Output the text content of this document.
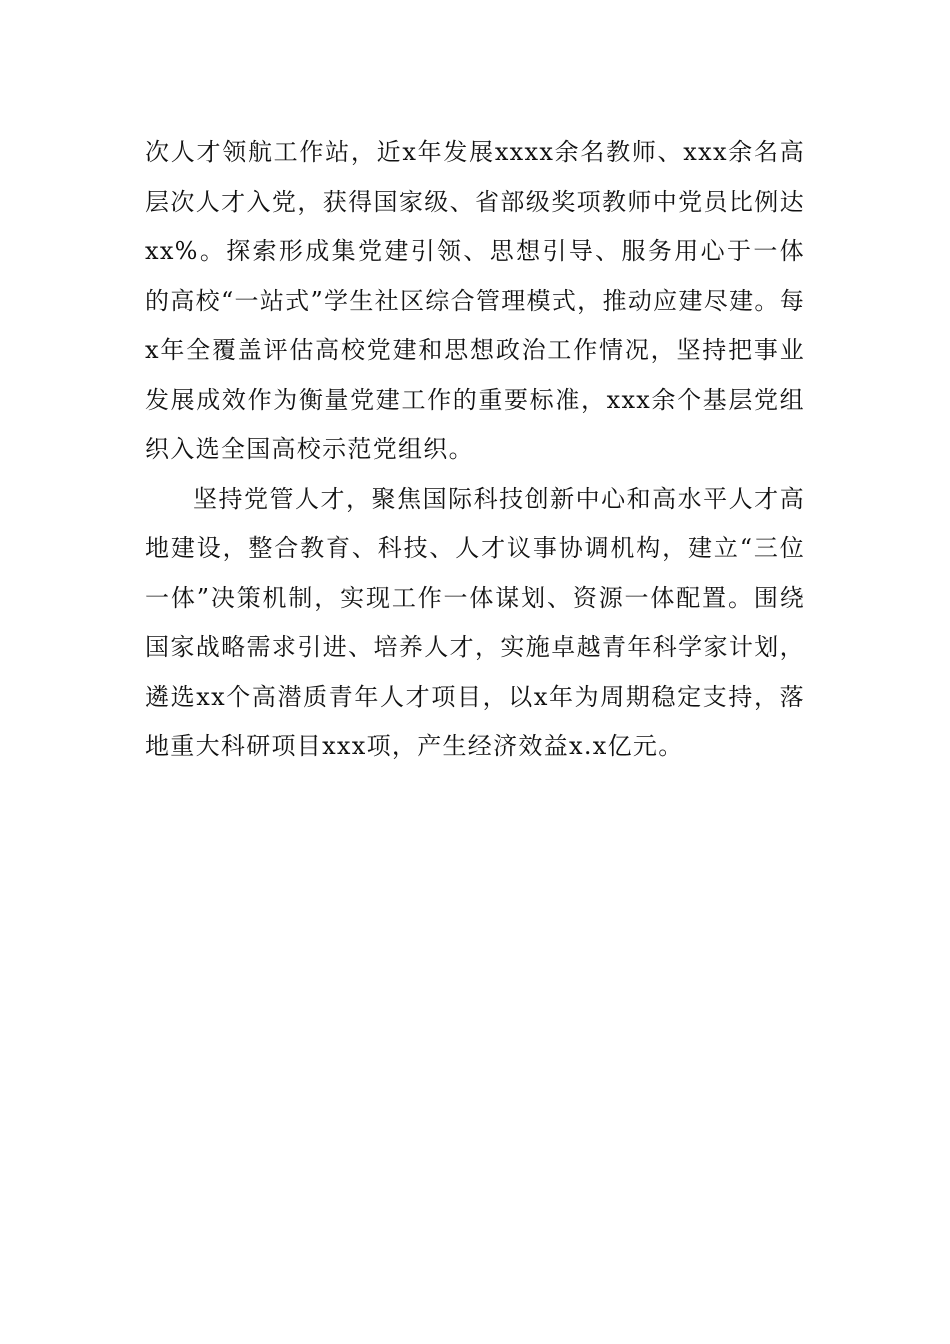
次人才领航工作站，近x年发展xxxx余名教师、xxx余名高层次人才入党，获得国家级、省部级奖项教师中党员比例达xx%。探索形成集党建引领、思想引导、服务用心于一体的高校“一站式”学生社区综合管理模式，推动应建尽建。每x年全覆盖评估高校党建和思想政治工作情况，坚持把事业发展成效作为衡量党建工作的重要标准，xxx余个基层党组织入选全国高校示范党组织。

坚持党管人才，聚焦国际科技创新中心和高水平人才高地建设，整合教育、科技、人才议事协调机构，建立“三位一体”决策机制，实现工作一体谋划、资源一体配置。围绕国家战略需求引进、培养人才，实施卓越青年科学家计划，遴选xx个高潜质青年人才项目，以x年为周期稳定支持，落地重大科研项目xxx项，产生经济效益x.x亿元。
